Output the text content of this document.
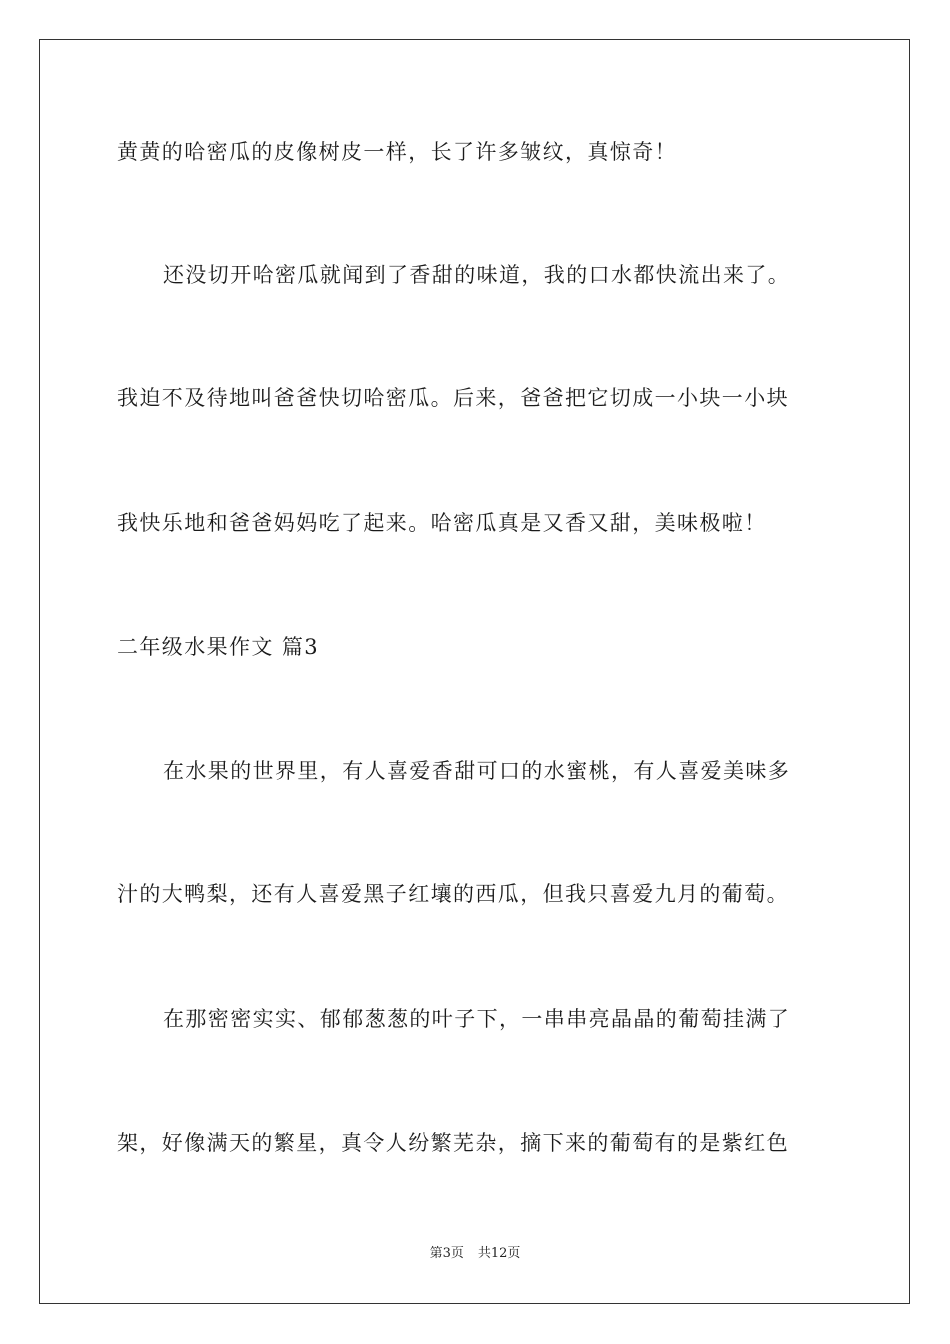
黄黄的哈密瓜的皮像树皮一样，长了许多皱纹，真惊奇！
还没切开哈密瓜就闻到了香甜的味道，我的口水都快流出来了。
我迫不及待地叫爸爸快切哈密瓜。后来，爸爸把它切成一小块一小块
我快乐地和爸爸妈妈吃了起来。哈密瓜真是又香又甜，美味极啦！
二年级水果作文 篇3
在水果的世界里，有人喜爱香甜可口的水蜜桃，有人喜爱美味多
汁的大鸭梨，还有人喜爱黑子红壤的西瓜，但我只喜爱九月的葡萄。
在那密密实实、郁郁葱葱的叶子下，一串串亮晶晶的葡萄挂满了
架，好像满天的繁星，真令人纷繁芜杂，摘下来的葡萄有的是紫红色
第3页 共12页
